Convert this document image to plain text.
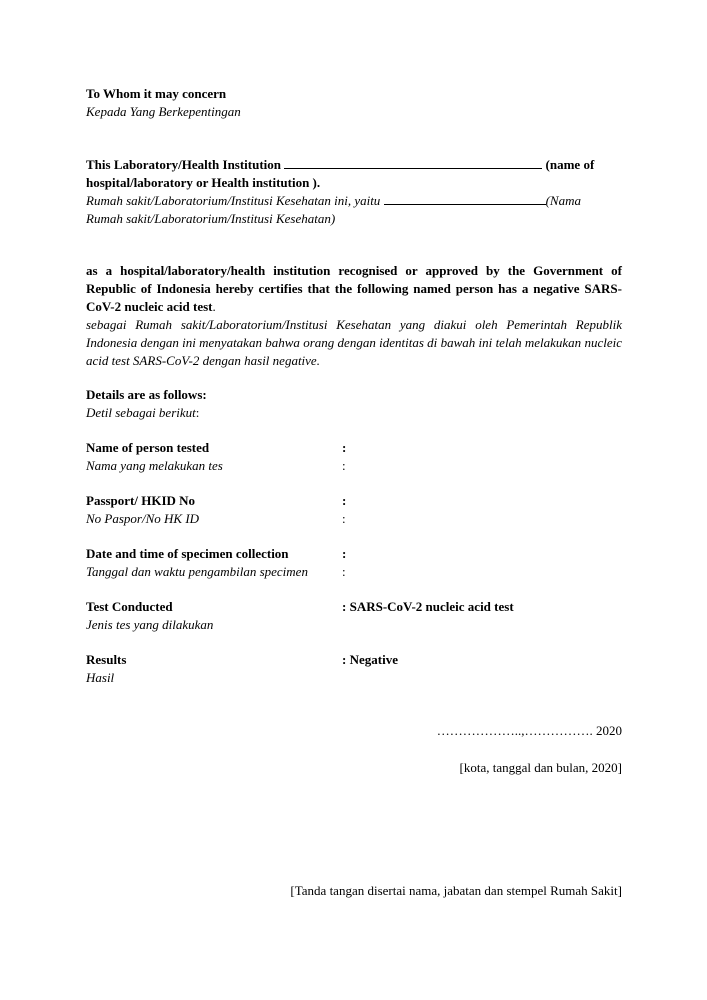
To Whom it may concern
Kepada Yang Berkepentingan
This Laboratory/Health Institution	(name of
hospital/laboratory or Health institution ).
Rumah sakit/Laboratorium/Institusi Kesehatan ini, yaitu	(Nama
Rumah sakit/Laboratorium/Institusi Kesehatan)
as a hospital/laboratory/health institution recognised or approved by the Government of Republic of Indonesia hereby certifies that the following named person has a negative SARS-CoV-2 nucleic acid test.
sebagai Rumah sakit/Laboratorium/Institusi Kesehatan yang diakui oleh Pemerintah Republik Indonesia dengan ini menyatakan bahwa orang dengan identitas di bawah ini telah melakukan nucleic acid test SARS-CoV-2 dengan hasil negative.
Details are as follows:
Detil sebagai berikut:
Name of person tested	:
Nama yang melakukan tes	:
Passport/ HKID No	:
No Paspor/No HK ID	:
Date and time of specimen collection	:
Tanggal dan waktu pengambilan specimen	:
Test Conducted	: SARS-CoV-2 nucleic acid test
Jenis tes yang dilakukan
Results	: Negative
Hasil
………………..,……………. 2020
[kota, tanggal dan bulan, 2020]
[Tanda tangan disertai nama, jabatan dan stempel Rumah Sakit]
